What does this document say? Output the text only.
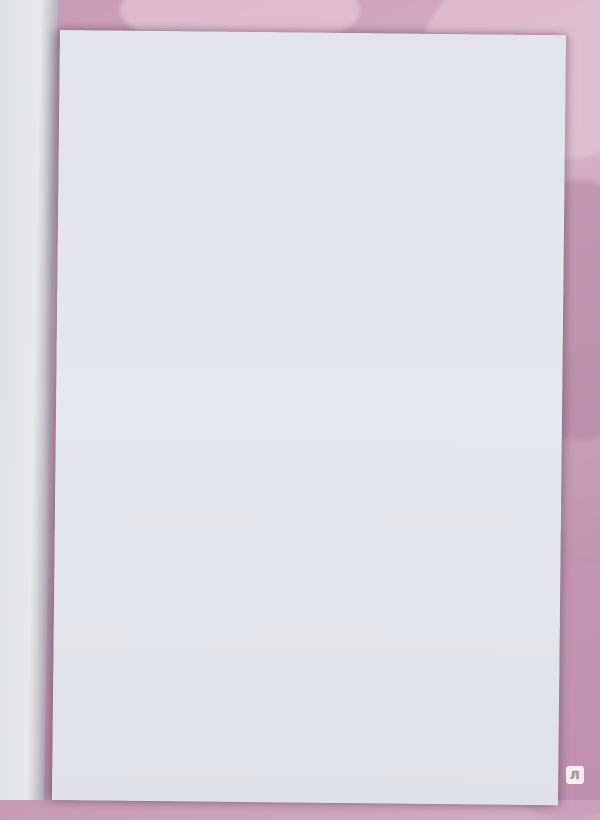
л
